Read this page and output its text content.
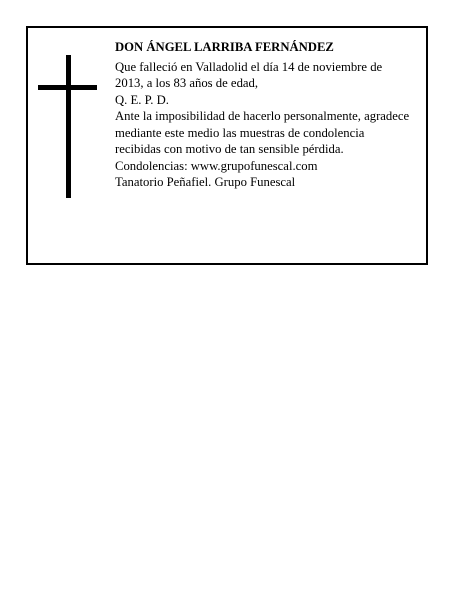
DON ÁNGEL LARRIBA FERNÁNDEZ

Que falleció en Valladolid el día 14 de noviembre de 2013, a los 83 años de edad,

Q. E. P. D.

Ante la imposibilidad de hacerlo personalmente, agradece mediante este medio las muestras de condolencia recibidas con motivo de tan sensible pérdida.

Condolencias: www.grupofunescal.com

Tanatorio Peñafiel. Grupo Funescal
